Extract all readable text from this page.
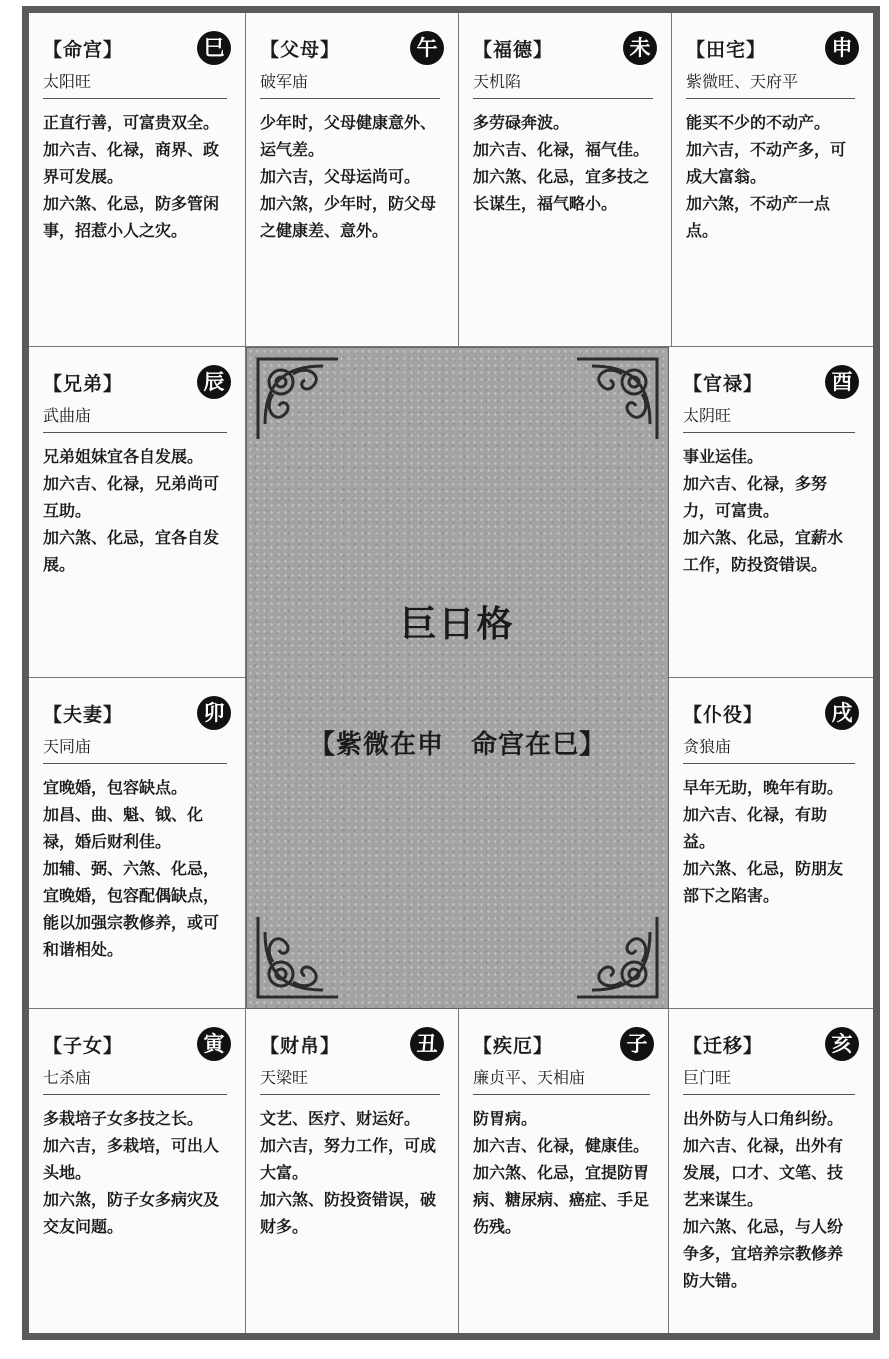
【命宫】	巳
太阳旺

正直行善，可富贵双全。

加六吉、化禄，商界、政界可发展。

加六煞、化忌，防多管闲事，招惹小人之灾。

【父母】	午
破军庙

少年时，父母健康意外、运气差。

加六吉，父母运尚可。

加六煞，少年时，防父母之健康差、意外。

【福德】	未
天机陷

多劳碌奔波。

加六吉、化禄，福气佳。

加六煞、化忌，宜多技之长谋生，福气略小。

【田宅】	申
紫微旺、天府平

能买不少的不动产。

加六吉，不动产多，可成大富翁。

加六煞，不动产一点点。

【兄弟】	辰
武曲庙

兄弟姐妹宜各自发展。

加六吉、化禄，兄弟尚可互助。

加六煞、化忌，宜各自发展。

【夫妻】	卯
天同庙

宜晚婚，包容缺点。

加昌、曲、魁、钺、化禄，婚后财利佳。

加辅、弼、六煞、化忌，宜晚婚，包容配偶缺点，能以加强宗教修养，或可和谐相处。

【官禄】	酉
太阴旺

事业运佳。

加六吉、化禄，多努力，可富贵。

加六煞、化忌，宜薪水工作，防投资错误。

【仆役】	戌
贪狼庙

早年无助，晚年有助。

加六吉、化禄，有助益。

加六煞、化忌，防朋友部下之陷害。

【子女】	寅
七杀庙

多栽培子女多技之长。

加六吉，多栽培，可出人头地。

加六煞，防子女多病灾及交友问题。

【财帛】	丑
天梁旺

文艺、医疗、财运好。

加六吉，努力工作，可成大富。

加六煞、防投资错误，破财多。

【疾厄】	子
廉贞平、天相庙

防胃病。

加六吉、化禄，健康佳。

加六煞、化忌，宜提防胃病、糖尿病、癌症、手足伤残。

【迁移】	亥
巨门旺

出外防与人口角纠纷。

加六吉、化禄，出外有发展，口才、文笔、技艺来谋生。

加六煞、化忌，与人纷争多，宜培养宗教修养防大错。

巨日格
【紫微在申　命宫在巳】
